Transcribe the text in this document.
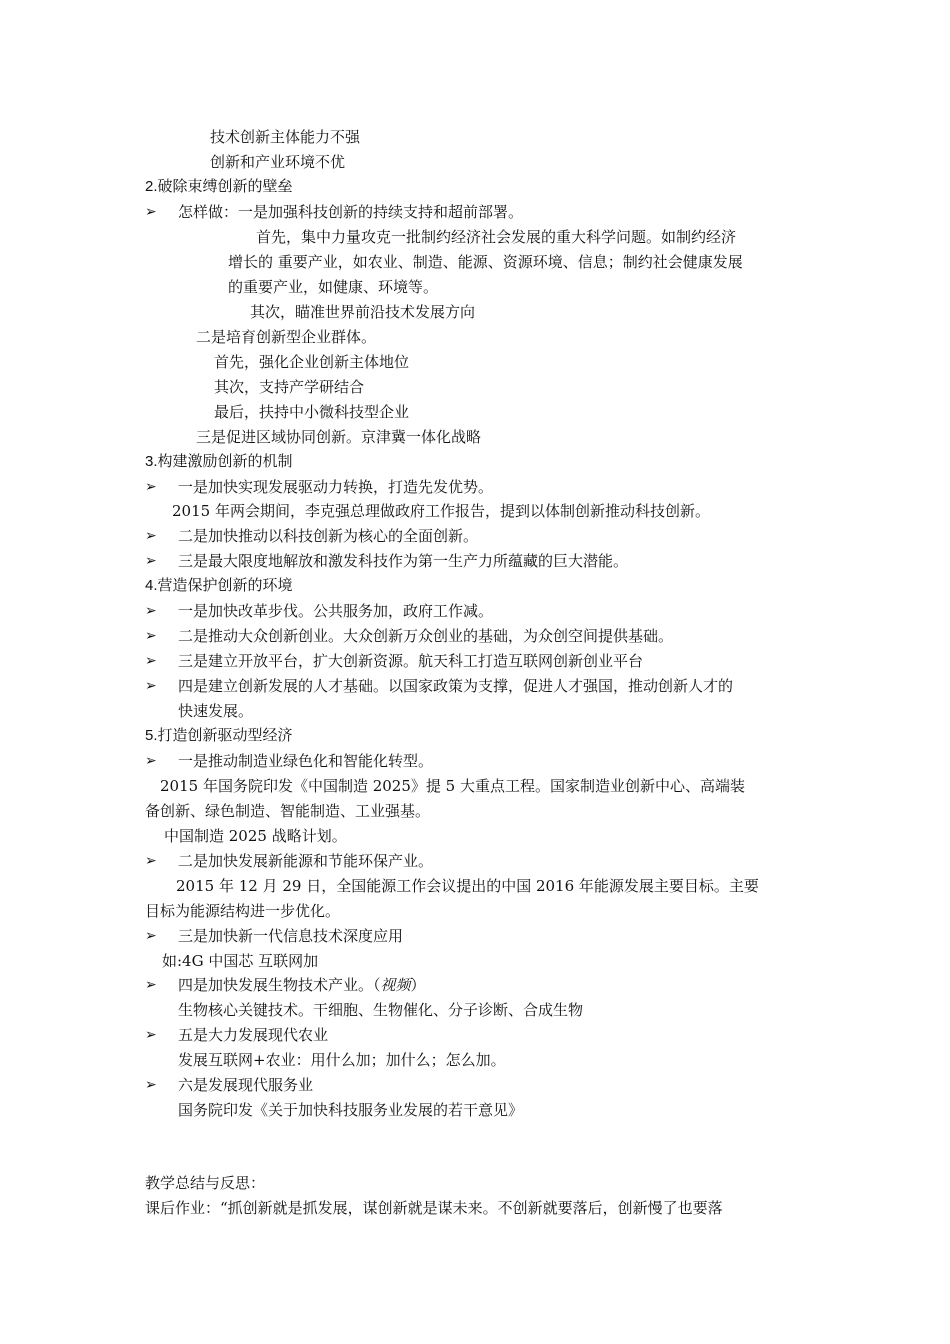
技术创新主体能力不强
创新和产业环境不优
2.破除束缚创新的壁垒
➢	怎样做：一是加强科技创新的持续支持和超前部署。
首先，集中力量攻克一批制约经济社会发展的重大科学问题。如制约经济
增长的 重要产业，如农业、制造、能源、资源环境、信息；制约社会健康发展
的重要产业，如健康、环境等。
其次，瞄准世界前沿技术发展方向
二是培育创新型企业群体。
首先，强化企业创新主体地位
其次，支持产学研结合
最后，扶持中小微科技型企业
三是促进区域协同创新。京津冀一体化战略
3.构建激励创新的机制
➢	一是加快实现发展驱动力转换，打造先发优势。
2015 年两会期间，李克强总理做政府工作报告，提到以体制创新推动科技创新。
➢	二是加快推动以科技创新为核心的全面创新。
➢	三是最大限度地解放和激发科技作为第一生产力所蕴藏的巨大潜能。
4.营造保护创新的环境
➢	一是加快改革步伐。公共服务加，政府工作减。
➢	二是推动大众创新创业。大众创新万众创业的基础，为众创空间提供基础。
➢	三是建立开放平台，扩大创新资源。航天科工打造互联网创新创业平台
➢	四是建立创新发展的人才基础。以国家政策为支撑，促进人才强国，推动创新人才的
快速发展。
5.打造创新驱动型经济
➢	一是推动制造业绿色化和智能化转型。
2015 年国务院印发《中国制造 2025》提 5 大重点工程。国家制造业创新中心、高端装
备创新、绿色制造、智能制造、工业强基。
中国制造 2025 战略计划。
➢	二是加快发展新能源和节能环保产业。
2015 年 12 月 29 日，全国能源工作会议提出的中国 2016 年能源发展主要目标。主要
目标为能源结构进一步优化。
➢	三是加快新一代信息技术深度应用
如:4G 中国芯 互联网加
➢	四是加快发展生物技术产业。（视频）
生物核心关键技术。干细胞、生物催化、分子诊断、合成生物
➢	五是大力发展现代农业
发展互联网+农业：用什么加；加什么；怎么加。
➢	六是发展现代服务业
国务院印发《关于加快科技服务业发展的若干意见》
教学总结与反思：
课后作业：“抓创新就是抓发展，谋创新就是谋未来。不创新就要落后，创新慢了也要落
